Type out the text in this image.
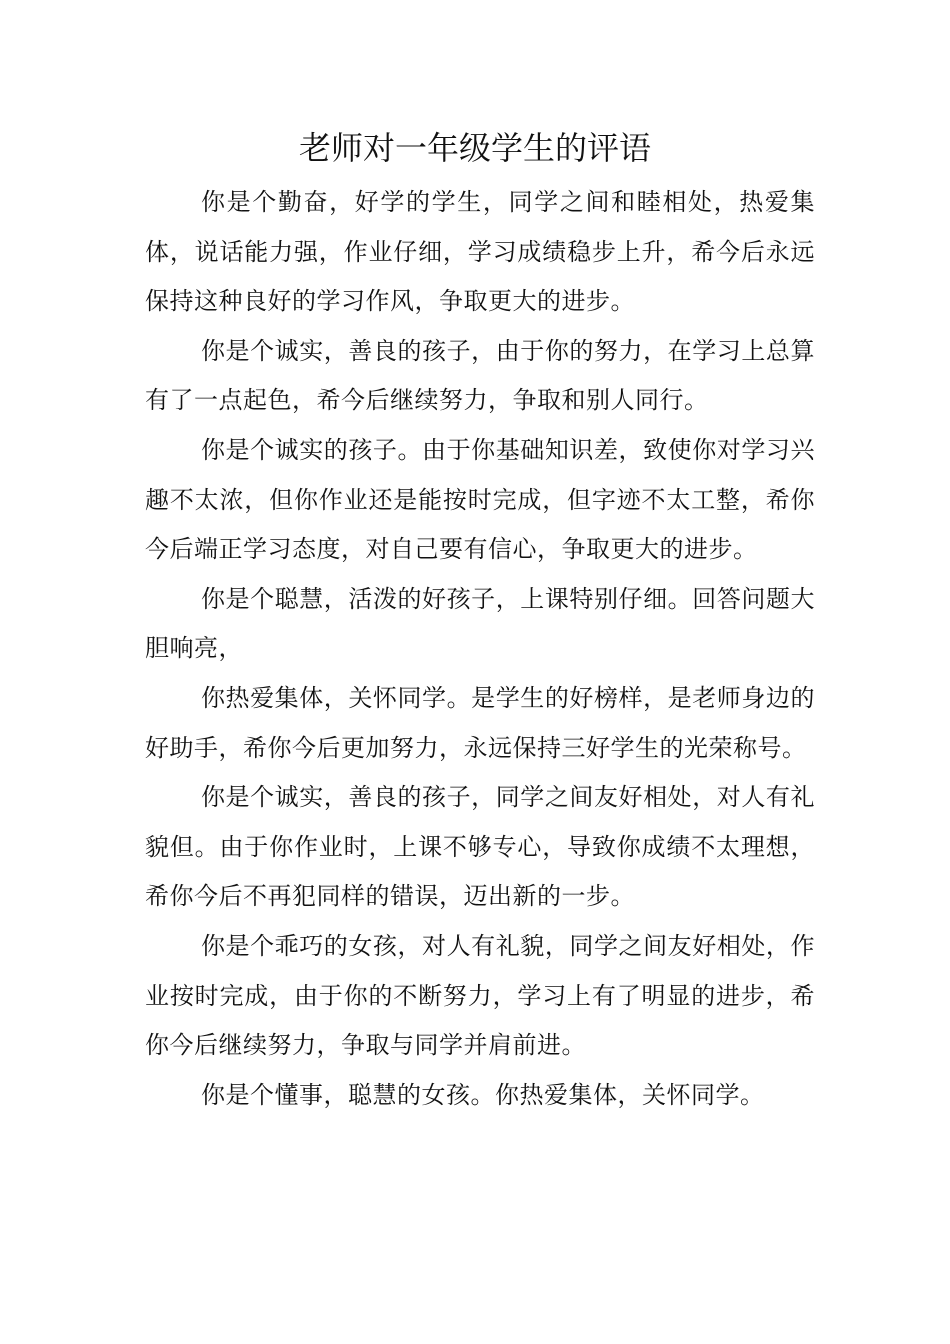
老师对一年级学生的评语

你是个勤奋，好学的学生，同学之间和睦相处，热爱集体，说话能力强，作业仔细，学习成绩稳步上升，希今后永远保持这种良好的学习作风，争取更大的进步。

你是个诚实，善良的孩子，由于你的努力，在学习上总算有了一点起色，希今后继续努力，争取和别人同行。

你是个诚实的孩子。由于你基础知识差，致使你对学习兴趣不太浓，但你作业还是能按时完成，但字迹不太工整，希你今后端正学习态度，对自己要有信心，争取更大的进步。

你是个聪慧，活泼的好孩子，上课特别仔细。回答问题大胆响亮，

你热爱集体，关怀同学。是学生的好榜样，是老师身边的好助手，希你今后更加努力，永远保持三好学生的光荣称号。

你是个诚实，善良的孩子，同学之间友好相处，对人有礼貌但。由于你作业时，上课不够专心，导致你成绩不太理想，希你今后不再犯同样的错误，迈出新的一步。

你是个乖巧的女孩，对人有礼貌，同学之间友好相处，作业按时完成，由于你的不断努力，学习上有了明显的进步，希你今后继续努力，争取与同学并肩前进。

你是个懂事，聪慧的女孩。你热爱集体，关怀同学。
